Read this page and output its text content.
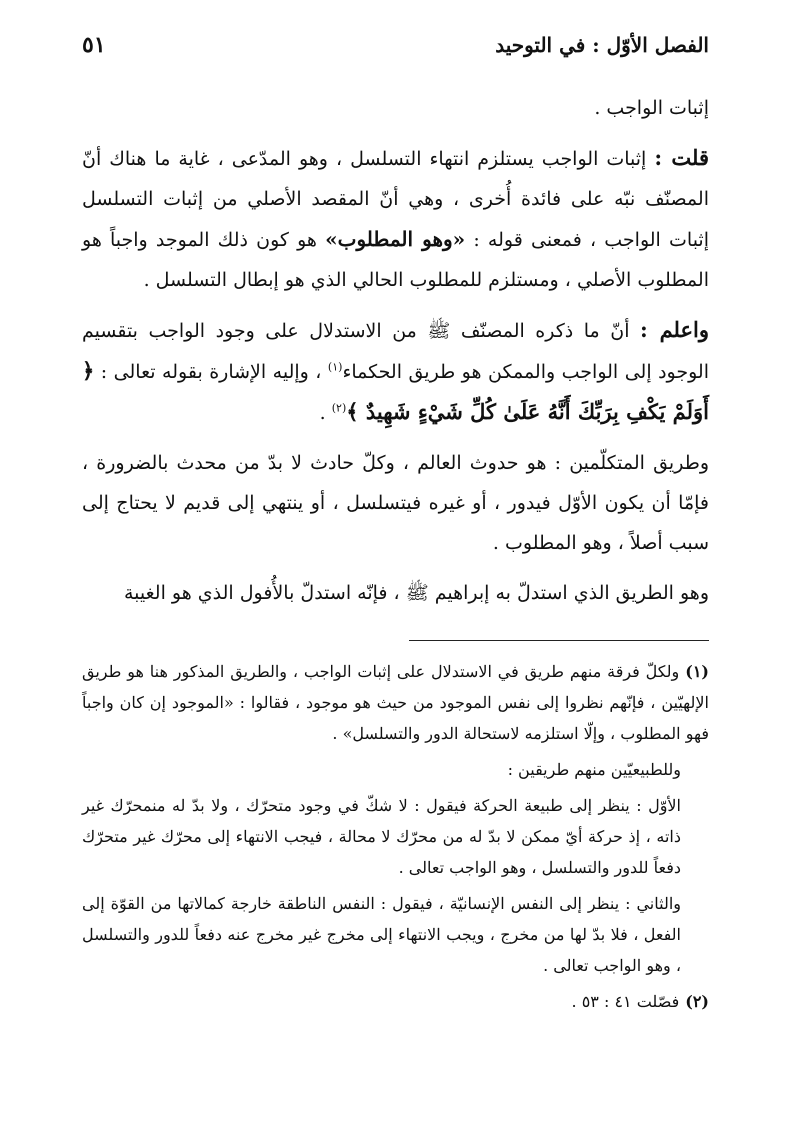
الفصل الأوّل : في التوحيد
٥١

إثبات الواجب .

قلت : إثبات الواجب يستلزم انتهاء التسلسل ، وهو المدّعى ، غاية ما هناك أنّ المصنّف نبّه على فائدة أُخرى ، وهي أنّ المقصد الأصلي من إثبات التسلسل إثبات الواجب ، فمعنى قوله : «وهو المطلوب» هو كون ذلك الموجد واجباً هو المطلوب الأصلي ، ومستلزم للمطلوب الحالي الذي هو إبطال التسلسل .

واعلم : أنّ ما ذكره المصنّف ﷺ من الاستدلال على وجود الواجب بتقسيم الوجود إلى الواجب والممكن هو طريق الحكماء$^{(١)}$ ، وإليه الإشارة بقوله تعالى : ﴿ أَوَلَمْ يَكْفِ بِرَبِّكَ أَنَّهُ عَلَىٰ كُلِّ شَيْءٍ شَهِيدٌ ﴾$^{(٢)}$ .

وطريق المتكلّمين : هو حدوث العالم ، وكلّ حادث لا بدّ من محدث بالضرورة ، فإمّا أن يكون الأوّل فيدور ، أو غيره فيتسلسل ، أو ينتهي إلى قديم لا يحتاج إلى سبب أصلاً ، وهو المطلوب .

وهو الطريق الذي استدلّ به إبراهيم ﷺ ، فإنّه استدلّ بالأُفول الذي هو الغيبة

(١)ولكلّ فرقة منهم طريق في الاستدلال على إثبات الواجب ، والطريق المذكور هنا هو طريق الإلهيّين ، فإنّهم نظروا إلى نفس الموجود من حيث هو موجود ، فقالوا : «الموجود إن كان واجباً فهو المطلوب ، وإلّا استلزمه لاستحالة الدور والتسلسل» .

وللطبيعيّين منهم طريقين :

الأوّل : ينظر إلى طبيعة الحركة فيقول : لا شكّ في وجود متحرّك ، ولا بدّ له منمحرّك غير ذاته ، إذ حركة أيّ ممكن لا بدّ له من محرّك لا محالة ، فيجب الانتهاء إلى محرّك غير متحرّك دفعاً للدور والتسلسل ، وهو الواجب تعالى .

والثاني : ينظر إلى النفس الإنسانيّة ، فيقول : النفس الناطقة خارجة كمالاتها من القوّة إلى الفعل ، فلا بدّ لها من مخرج ، ويجب الانتهاء إلى مخرج غير مخرج عنه دفعاً للدور والتسلسل ، وهو الواجب تعالى .

(٢)فصّلت ٤١ : ٥٣ .
